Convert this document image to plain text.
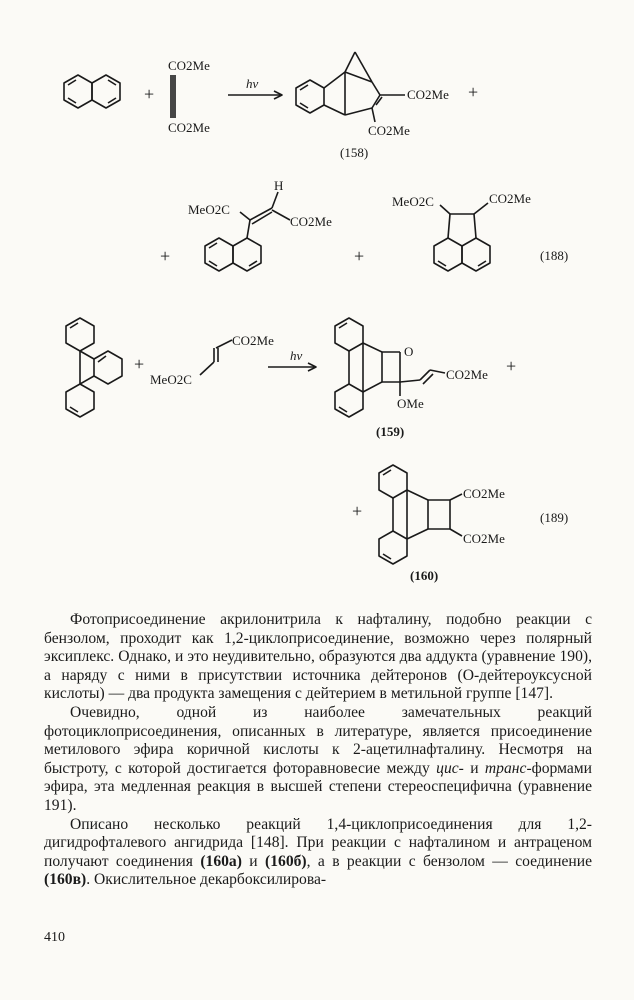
+
CO2Me
CO2Me
hν
CO2Me
CO2Me
(158)
+
MeO2C
H
CO2Me
+	+
MeO2C	CO2Me
(188)
+
CO2Me
MeO2C
hν	O
CO2Me
OMe
(159)
+
+
CO2Me
CO2Me
(160)
(189)

Фотоприсоединение акрилонитрила к нафталину, подобно реакции с бензолом, проходит как 1,2-циклоприсоединение, возможно через полярный эксиплекс. Однако, и это неудивительно, образуются два аддукта (уравнение 190), а наряду с ними в присутствии источника дейтеронов (О-дейтероуксусной кислоты) — два продукта замещения с дейтерием в метильной группе [147].

Очевидно, одной из наиболее замечательных реакций фотоциклоприсоединения, описанных в литературе, является присоединение метилового эфира коричной кислоты к 2-ацетилнафталину. Несмотря на быстроту, с которой достигается фоторавновесие между цис- и транс-формами эфира, эта медленная реакция в высшей степени стереоспецифична (уравнение 191).

Описано несколько реакций 1,4-циклоприсоединения для 1,2-дигидрофталевого ангидрида [148]. При реакции с нафталином и антраценом получают соединения (160а) и (160б), а в реакции с бензолом — соединение (160в). Окислительное декарбоксилирова-

410
